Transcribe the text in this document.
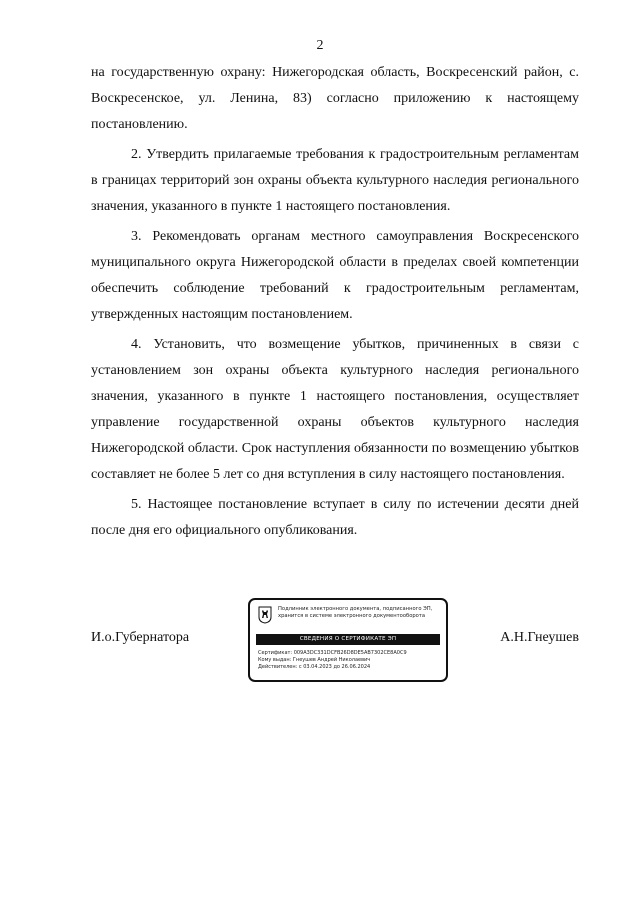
2

на государственную охрану: Нижегородская область, Воскресенский район, с. Воскресенское, ул. Ленина, 83) согласно приложению к настоящему постановлению.

2. Утвердить прилагаемые требования к градостроительным регламентам в границах территорий зон охраны объекта культурного наследия регионального значения, указанного в пункте 1 настоящего постановления.

3. Рекомендовать органам местного самоуправления Воскресенского муниципального округа Нижегородской области в пределах своей компетенции обеспечить соблюдение требований к градостроительным регламентам, утвержденных настоящим постановлением.

4. Установить, что возмещение убытков, причиненных в связи с установлением зон охраны объекта культурного наследия регионального значения, указанного в пункте 1 настоящего постановления, осуществляет управление государственной охраны объектов культурного наследия Нижегородской области. Срок наступления обязанности по возмещению убытков составляет не более 5 лет со дня вступления в силу настоящего постановления.

5. Настоящее постановление вступает в силу по истечении десяти дней после дня его официального опубликования.

И.о.Губернатора
Подлинник электронного документа, подписанного ЭП, хранится в системе электронного документооборота
СВЕДЕНИЯ О СЕРТИФИКАТЕ ЭП
Сертификат: 009A3DC331DCFB26D8DE5AB7302CE8A0C9
Кому выдан: Гнеушев Андрей Николаевич
Действителен: с 03.04.2023 до 26.06.2024
А.Н.Гнеушев
